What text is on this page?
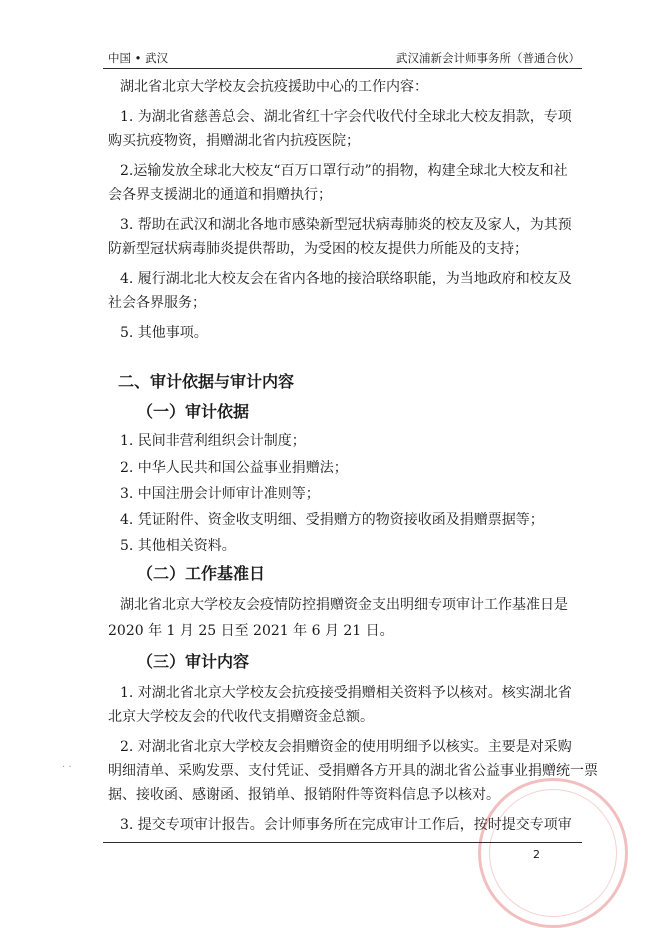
中国 • 武汉	武汉浦新会计师事务所（普通合伙）
湖北省北京大学校友会抗疫援助中心的工作内容：
1. 为湖北省慈善总会、湖北省红十字会代收代付全球北大校友捐款，专项
购买抗疫物资，捐赠湖北省内抗疫医院；
2.运输发放全球北大校友“百万口罩行动”的捐物，构建全球北大校友和社
会各界支援湖北的通道和捐赠执行；
3. 帮助在武汉和湖北各地市感染新型冠状病毒肺炎的校友及家人，为其预
防新型冠状病毒肺炎提供帮助，为受困的校友提供力所能及的支持；
4. 履行湖北北大校友会在省内各地的接洽联络职能，为当地政府和校友及
社会各界服务；
5. 其他事项。
二、审计依据与审计内容
（一）审计依据
1. 民间非营利组织会计制度；
2. 中华人民共和国公益事业捐赠法；
3. 中国注册会计师审计准则等；
4. 凭证附件、资金收支明细、受捐赠方的物资接收函及捐赠票据等；
5. 其他相关资料。
（二）工作基准日
湖北省北京大学校友会疫情防控捐赠资金支出明细专项审计工作基准日是
2020 年 1 月 25 日至 2021 年 6 月 21 日。
（三）审计内容
1. 对湖北省北京大学校友会抗疫接受捐赠相关资料予以核对。核实湖北省
北京大学校友会的代收代支捐赠资金总额。
2. 对湖北省北京大学校友会捐赠资金的使用明细予以核实。主要是对采购
明细清单、采购发票、支付凭证、受捐赠各方开具的湖北省公益事业捐赠统一票
据、接收函、感谢函、报销单、报销附件等资料信息予以核对。
3. 提交专项审计报告。会计师事务所在完成审计工作后，按时提交专项审
· ·
2
